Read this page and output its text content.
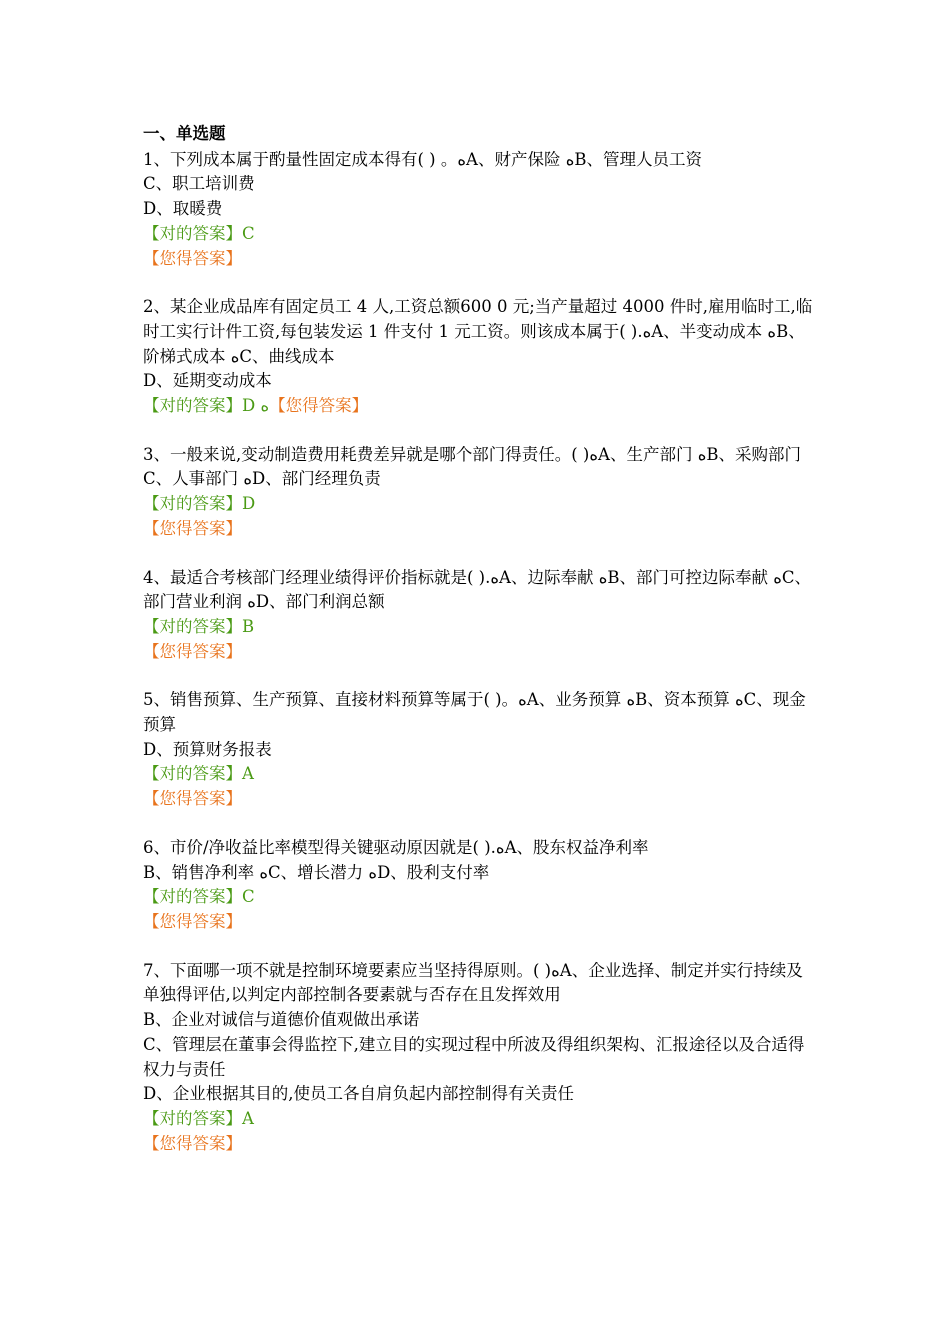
一、单选题

1、下列成本属于酌量性固定成本得有( ) 。ﻩA、财产保险 ﻩB、管理人员工资

C、职工培训费

D、取暖费

【对的答案】C

【您得答案】

2、某企业成品库有固定员工 4 人,工资总额600 0 元;当产量超过 4000 件时,雇用临时工,临时工实行计件工资,每包装发运 1 件支付 1 元工资。则该成本属于( ).ﻩA、半变动成本 ﻩB、阶梯式成本 ﻩC、曲线成本

D、延期变动成本

【对的答案】D ﻩ【您得答案】

3、一般来说,变动制造费用耗费差异就是哪个部门得责任。( )ﻩA、生产部门 ﻩB、采购部门

C、人事部门 ﻩD、部门经理负责

【对的答案】D

【您得答案】

4、最适合考核部门经理业绩得评价指标就是( ).ﻩA、边际奉献 ﻩB、部门可控边际奉献 ﻩC、部门营业利润 ﻩD、部门利润总额

【对的答案】B

【您得答案】

5、销售预算、生产预算、直接材料预算等属于( )。ﻩA、业务预算 ﻩB、资本预算 ﻩC、现金预算

D、预算财务报表

【对的答案】A

【您得答案】

6、市价/净收益比率模型得关键驱动原因就是( ).ﻩA、股东权益净利率

B、销售净利率 ﻩC、增长潜力 ﻩD、股利支付率

【对的答案】C

【您得答案】

7、下面哪一项不就是控制环境要素应当坚持得原则。( )ﻩA、企业选择、制定并实行持续及单独得评估,以判定内部控制各要素就与否存在且发挥效用

B、企业对诚信与道德价值观做出承诺

C、管理层在董事会得监控下,建立目的实现过程中所波及得组织架构、汇报途径以及合适得权力与责任

D、企业根据其目的,使员工各自肩负起内部控制得有关责任

【对的答案】A

【您得答案】
